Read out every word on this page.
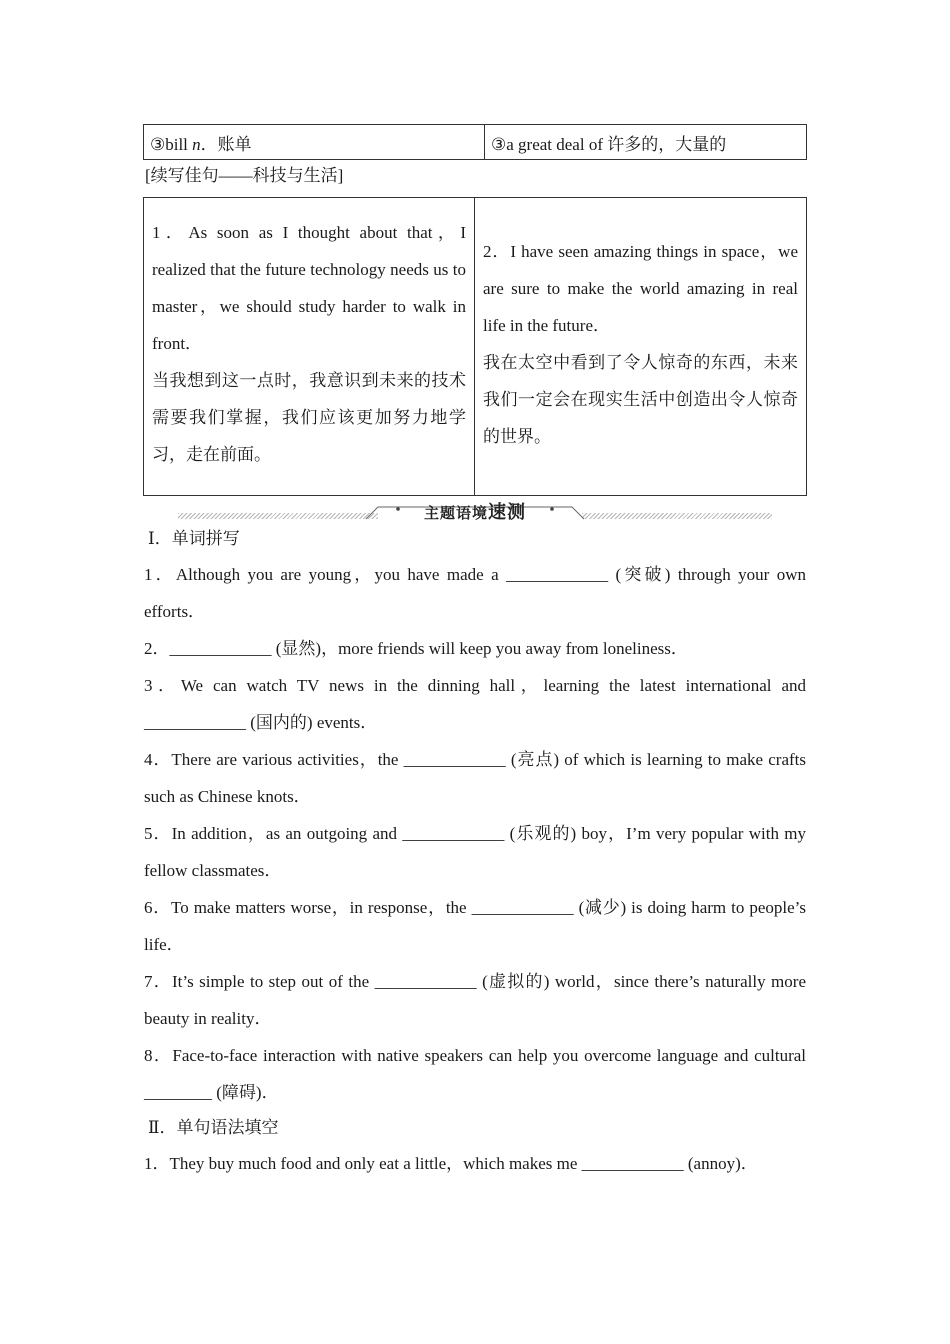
③bill n．账单	③a great deal of 许多的，大量的
[续写佳句——科技与生活]
1．As soon as I thought about that，I realized that the future technology needs us to master，we should study harder to walk in front．
当我想到这一点时，我意识到未来的技术需要我们掌握，我们应该更加努力地学习，走在前面。

2．I have seen amazing things in space，we are sure to make the world amazing in real life in the future．
我在太空中看到了令人惊奇的东西，未来我们一定会在现实生活中创造出令人惊奇的世界。
主题语境速测
Ⅰ．单词拼写
1．Although you are young，you have made a ____________ (突破) through your own efforts．
2．____________ (显然)，more friends will keep you away from loneliness．
3．We can watch TV news in the dinning hall，learning the latest international and ____________ (国内的) events．
4．There are various activities，the ____________ (亮点) of which is learning to make crafts such as Chinese knots．
5．In addition，as an outgoing and ____________ (乐观的) boy，I’m very popular with my fellow classmates．
6．To make matters worse，in response，the ____________ (减少) is doing harm to people’s life．
7．It’s simple to step out of the ____________ (虚拟的) world，since there’s naturally more beauty in reality．
8．Face-to-face interaction with native speakers can help you overcome language and cultural ________ (障碍)．
Ⅱ．单句语法填空
1．They buy much food and only eat a little，which makes me ____________ (annoy)．
